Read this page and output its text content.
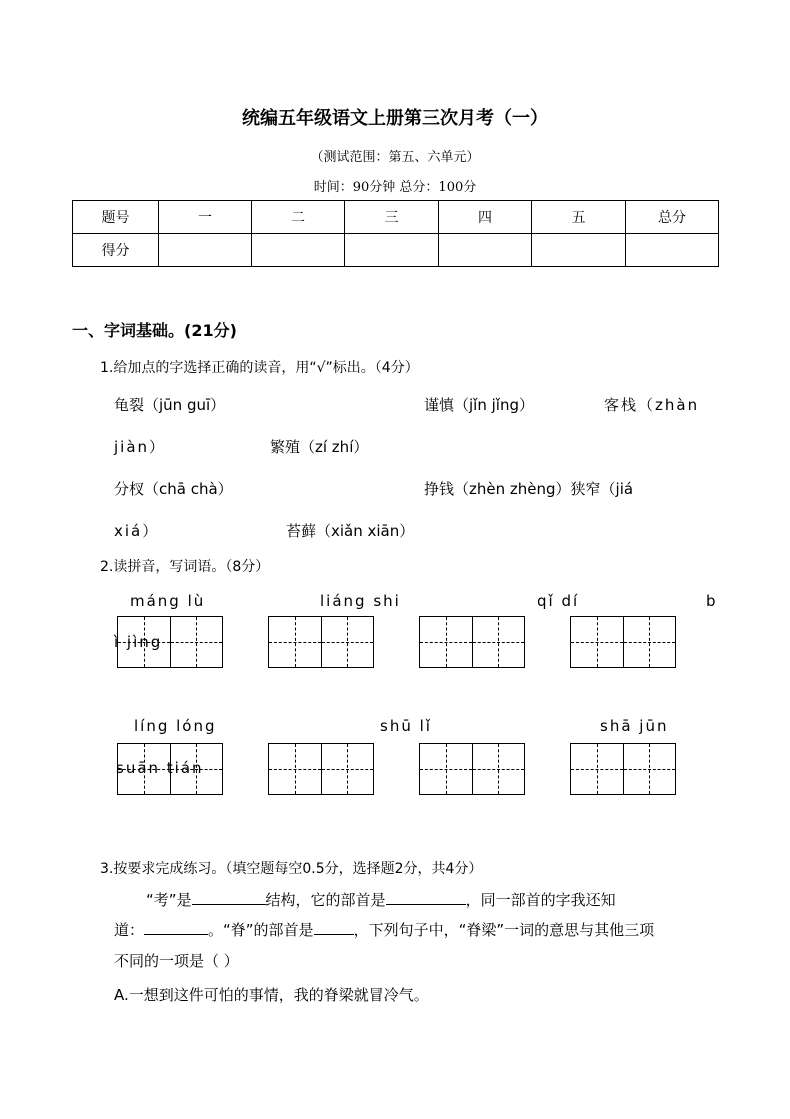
统编五年级语文上册第三次月考（一）
（测试范围：第五、六单元）
时间：90分钟 总分：100分
题号	一	二	三	四	五	总分
得分						
一、字词基础。(21分)
1.给加点的字选择正确的读音，用“√”标出。（4分）
龟裂（jūn guī）	谨慎（jǐn jǐng）	客栈（zhàn
jiàn）	繁殖（zí zhí）
分杈（chā chà）	挣钱（zhèn zhèng）狭窄（jiá
xiá）	苔藓（xiǎn xiān）
2.读拼音，写词语。（8分）
máng lù	liáng shi	qǐ dí	b
ì jìng
líng lóng	shū lǐ	shā jūn
suān tián
3.按要求完成练习。（填空题每空0.5分，选择题2分，共4分）
“考”是	结构，它的部首是	，同一部首的字我还知
道：	。“脊”的部首是	，下列句子中，“脊梁”一词的意思与其他三项
不同的一项是（ ）
A.一想到这件可怕的事情，我的脊梁就冒冷气。
